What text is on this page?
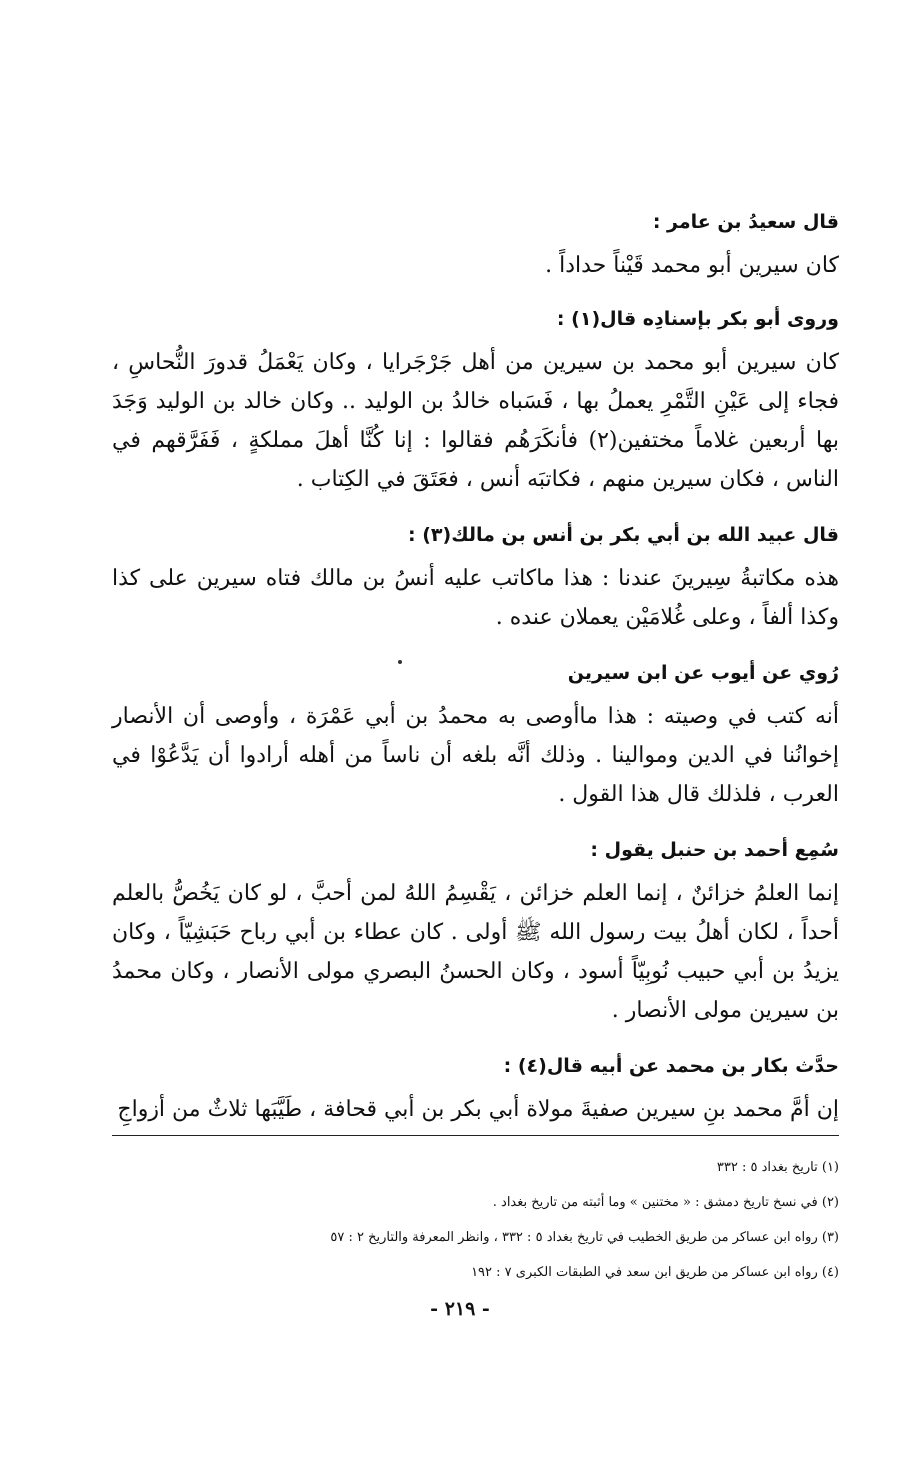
قال سعيدُ بن عامر :

كان سيرين أبو محمد قَيْناً حداداً .

وروى أبو بكر بإسنادِه قال(١) :

كان سيرين أبو محمد بن سيرين من أهل جَرْجَرايا ، وكان يَعْمَلُ قدورَ النُّحاسِ ، فجاء إلى عَيْنِ التَّمْرِ يعملُ بها ، فَسَباه خالدُ بن الوليد .. وكان خالد بن الوليد وَجَدَ بها أربعين غلاماً مختفين(٢) فأنكَرَهُم فقالوا : إنا كُنَّا أهلَ مملكةٍ ، فَفَرَّقهم في الناس ، فكان سيرين منهم ، فكاتبَه أنس ، فعَتَقَ في الكِتاب .

قال عبيد الله بن أبي بكر بن أنس بن مالك(٣) :

هذه مكاتبةُ سِيرينَ عندنا : هذا ماكاتب عليه أنسُ بن مالك فتاه سيرين على كذا وكذا ألفاً ، وعلى غُلامَيْن يعملان عنده .

رُوي عن أيوب عن ابن سيرين

أنه كتب في وصيته : هذا ماأوصى به محمدُ بن أبي عَمْرَة ، وأوصى أن الأنصار إخوانُنا في الدين وموالينا . وذلك أنَّه بلغه أن ناساً من أهله أرادوا أن يَدَّعُوْا في العرب ، فلذلك قال هذا القول .

سُمِع أحمد بن حنبل يقول :

إنما العلمُ خزائنٌ ، إنما العلم خزائن ، يَقْسِمُ اللهُ لمن أحبَّ ، لو كان يَخُصُّ بالعلم أحداً ، لكان أهلُ بيت رسول الله ﷺ أولى . كان عطاء بن أبي رباح حَبَشِيّاً ، وكان يزيدُ بن أبي حبيب نُوبِيّاً أسود ، وكان الحسنُ البصري مولى الأنصار ، وكان محمدُ بن سيرين مولى الأنصار .

حدَّث بكار بن محمد عن أبيه قال(٤) :

إن أمَّ محمد بنِ سيرين صفيةَ مولاة أبي بكر بن أبي قحافة ، طَيَّبَها ثلاثٌ من أزواجِ

(١) تاريخ بغداد ٥ : ٣٣٢

(٢) في نسخ تاريخ دمشق : « مختنين » وما أثبته من تاريخ بغداد .

(٣) رواه ابن عساكر من طريق الخطيب في تاريخ بغداد ٥ : ٣٣٢ ، وانظر المعرفة والتاريخ ٢ : ٥٧

(٤) رواه ابن عساكر من طريق ابن سعد في الطبقات الكبرى ٧ : ١٩٢

- ٢١٩ -
